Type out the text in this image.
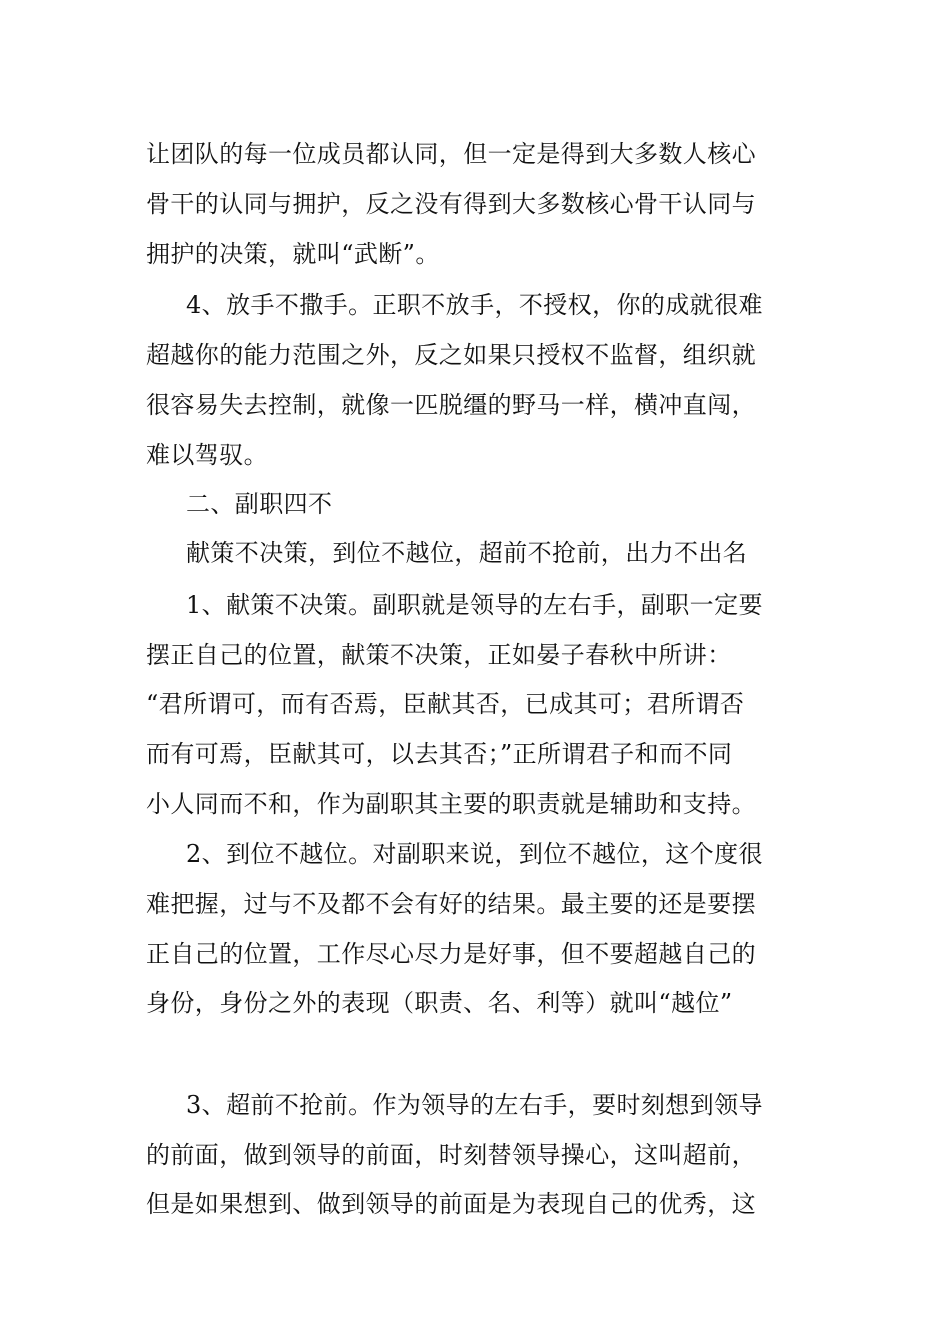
让团队的每一位成员都认同，但一定是得到大多数人核心
骨干的认同与拥护，反之没有得到大多数核心骨干认同与
拥护的决策，就叫“武断”。
4、放手不撒手。正职不放手，不授权，你的成就很难
超越你的能力范围之外，反之如果只授权不监督，组织就
很容易失去控制，就像一匹脱缰的野马一样，横冲直闯，
难以驾驭。
二、副职四不
献策不决策，到位不越位，超前不抢前，出力不出名
1、献策不决策。副职就是领导的左右手，副职一定要
摆正自己的位置，献策不决策，正如晏子春秋中所讲：
“君所谓可，而有否焉，臣献其否，已成其可；君所谓否
而有可焉，臣献其可，以去其否；”正所谓君子和而不同
小人同而不和，作为副职其主要的职责就是辅助和支持。
2、到位不越位。对副职来说，到位不越位，这个度很
难把握，过与不及都不会有好的结果。最主要的还是要摆
正自己的位置，工作尽心尽力是好事，但不要超越自己的
身份，身份之外的表现（职责、名、利等）就叫“越位”
3、超前不抢前。作为领导的左右手，要时刻想到领导
的前面，做到领导的前面，时刻替领导操心，这叫超前，
但是如果想到、做到领导的前面是为表现自己的优秀，这
